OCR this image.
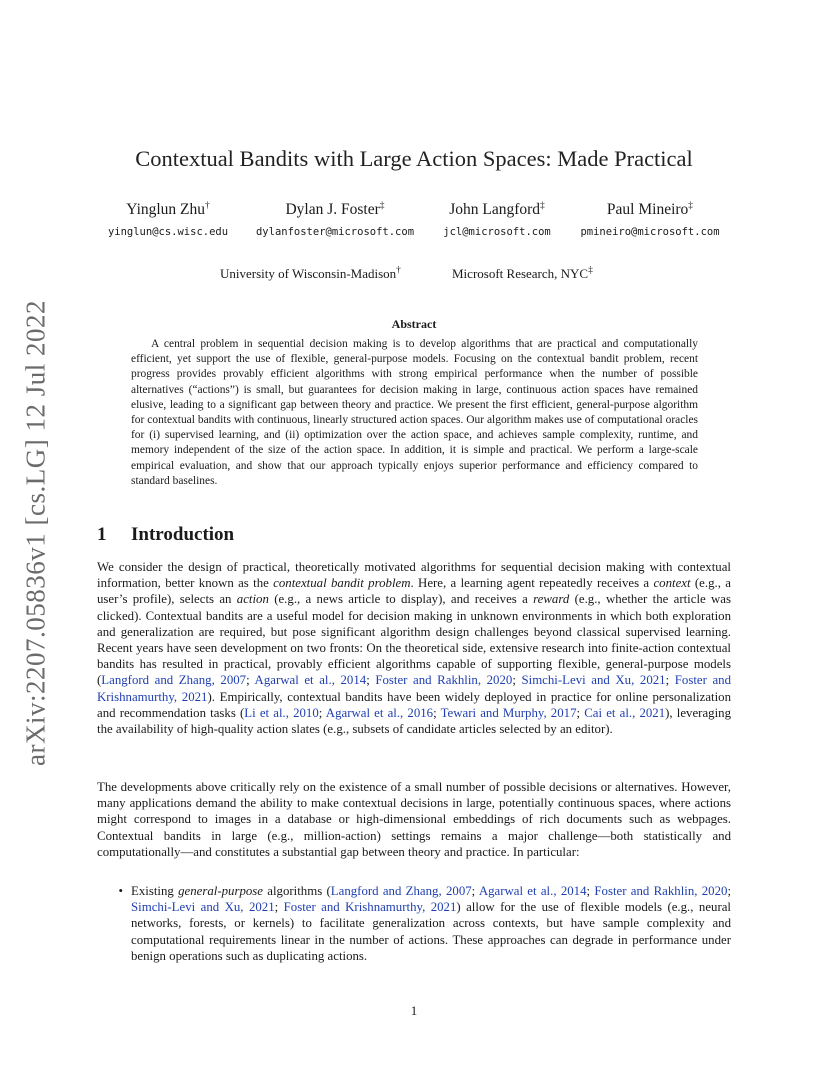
arXiv:2207.05836v1 [cs.LG] 12 Jul 2022
Contextual Bandits with Large Action Spaces: Made Practical
Yinglun Zhu†
yinglun@cs.wisc.edu
Dylan J. Foster‡
dylanfoster@microsoft.com
John Langford‡
jcl@microsoft.com
Paul Mineiro‡
pmineiro@microsoft.com
University of Wisconsin-Madison†	Microsoft Research, NYC‡
Abstract
A central problem in sequential decision making is to develop algorithms that are practical and computationally efficient, yet support the use of flexible, general-purpose models. Focusing on the contextual bandit problem, recent progress provides provably efficient algorithms with strong empirical performance when the number of possible alternatives (“actions”) is small, but guarantees for decision making in large, continuous action spaces have remained elusive, leading to a significant gap between theory and practice. We present the first efficient, general-purpose algorithm for contextual bandits with continuous, linearly structured action spaces. Our algorithm makes use of computational oracles for (i) supervised learning, and (ii) optimization over the action space, and achieves sample complexity, runtime, and memory independent of the size of the action space. In addition, it is simple and practical. We perform a large-scale empirical evaluation, and show that our approach typically enjoys superior performance and efficiency compared to standard baselines.
1 Introduction
We consider the design of practical, theoretically motivated algorithms for sequential decision making with contextual information, better known as the contextual bandit problem. Here, a learning agent repeatedly receives a context (e.g., a user’s profile), selects an action (e.g., a news article to display), and receives a reward (e.g., whether the article was clicked). Contextual bandits are a useful model for decision making in unknown environments in which both exploration and generalization are required, but pose significant algorithm design challenges beyond classical supervised learning. Recent years have seen development on two fronts: On the theoretical side, extensive research into finite-action contextual bandits has resulted in practical, provably efficient algorithms capable of supporting flexible, general-purpose models (Langford and Zhang, 2007; Agarwal et al., 2014; Foster and Rakhlin, 2020; Simchi-Levi and Xu, 2021; Foster and Krishnamurthy, 2021). Empirically, contextual bandits have been widely deployed in practice for online personalization and recommendation tasks (Li et al., 2010; Agarwal et al., 2016; Tewari and Murphy, 2017; Cai et al., 2021), leveraging the availability of high-quality action slates (e.g., subsets of candidate articles selected by an editor).
The developments above critically rely on the existence of a small number of possible decisions or alternatives. However, many applications demand the ability to make contextual decisions in large, potentially continuous spaces, where actions might correspond to images in a database or high-dimensional embeddings of rich documents such as webpages. Contextual bandits in large (e.g., million-action) settings remains a major challenge—both statistically and computationally—and constitutes a substantial gap between theory and practice. In particular:
• Existing general-purpose algorithms (Langford and Zhang, 2007; Agarwal et al., 2014; Foster and Rakhlin, 2020; Simchi-Levi and Xu, 2021; Foster and Krishnamurthy, 2021) allow for the use of flexible models (e.g., neural networks, forests, or kernels) to facilitate generalization across contexts, but have sample complexity and computational requirements linear in the number of actions. These approaches can degrade in performance under benign operations such as duplicating actions.
1
